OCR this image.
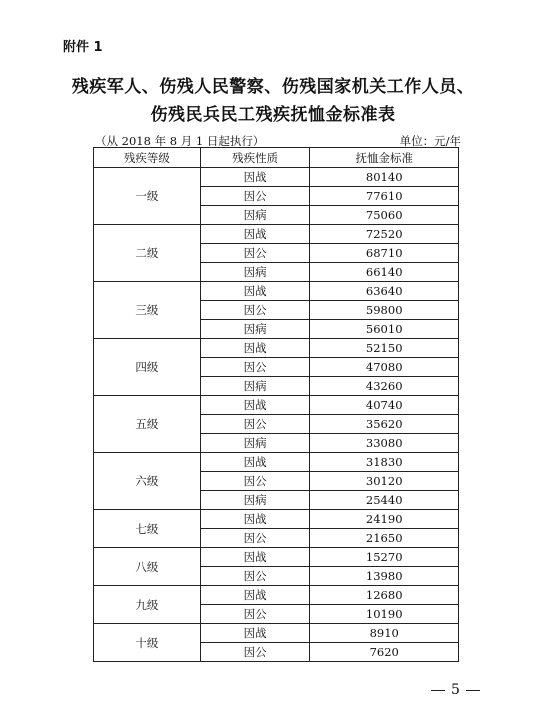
附件 1
残疾军人、伤残人民警察、伤残国家机关工作人员、
伤残民兵民工残疾抚恤金标准表
（从 2018 年 8 月 1 日起执行）	单位：元/年
残疾等级	残疾性质	抚恤金标准
一级	因战	80140
	因公	77610
	因病	75060
二级	因战	72520
	因公	68710
	因病	66140
三级	因战	63640
	因公	59800
	因病	56010
四级	因战	52150
	因公	47080
	因病	43260
五级	因战	40740
	因公	35620
	因病	33080
六级	因战	31830
	因公	30120
	因病	25440
七级	因战	24190
	因公	21650
八级	因战	15270
	因公	13980
九级	因战	12680
	因公	10190
十级	因战	8910
	因公	7620
5
